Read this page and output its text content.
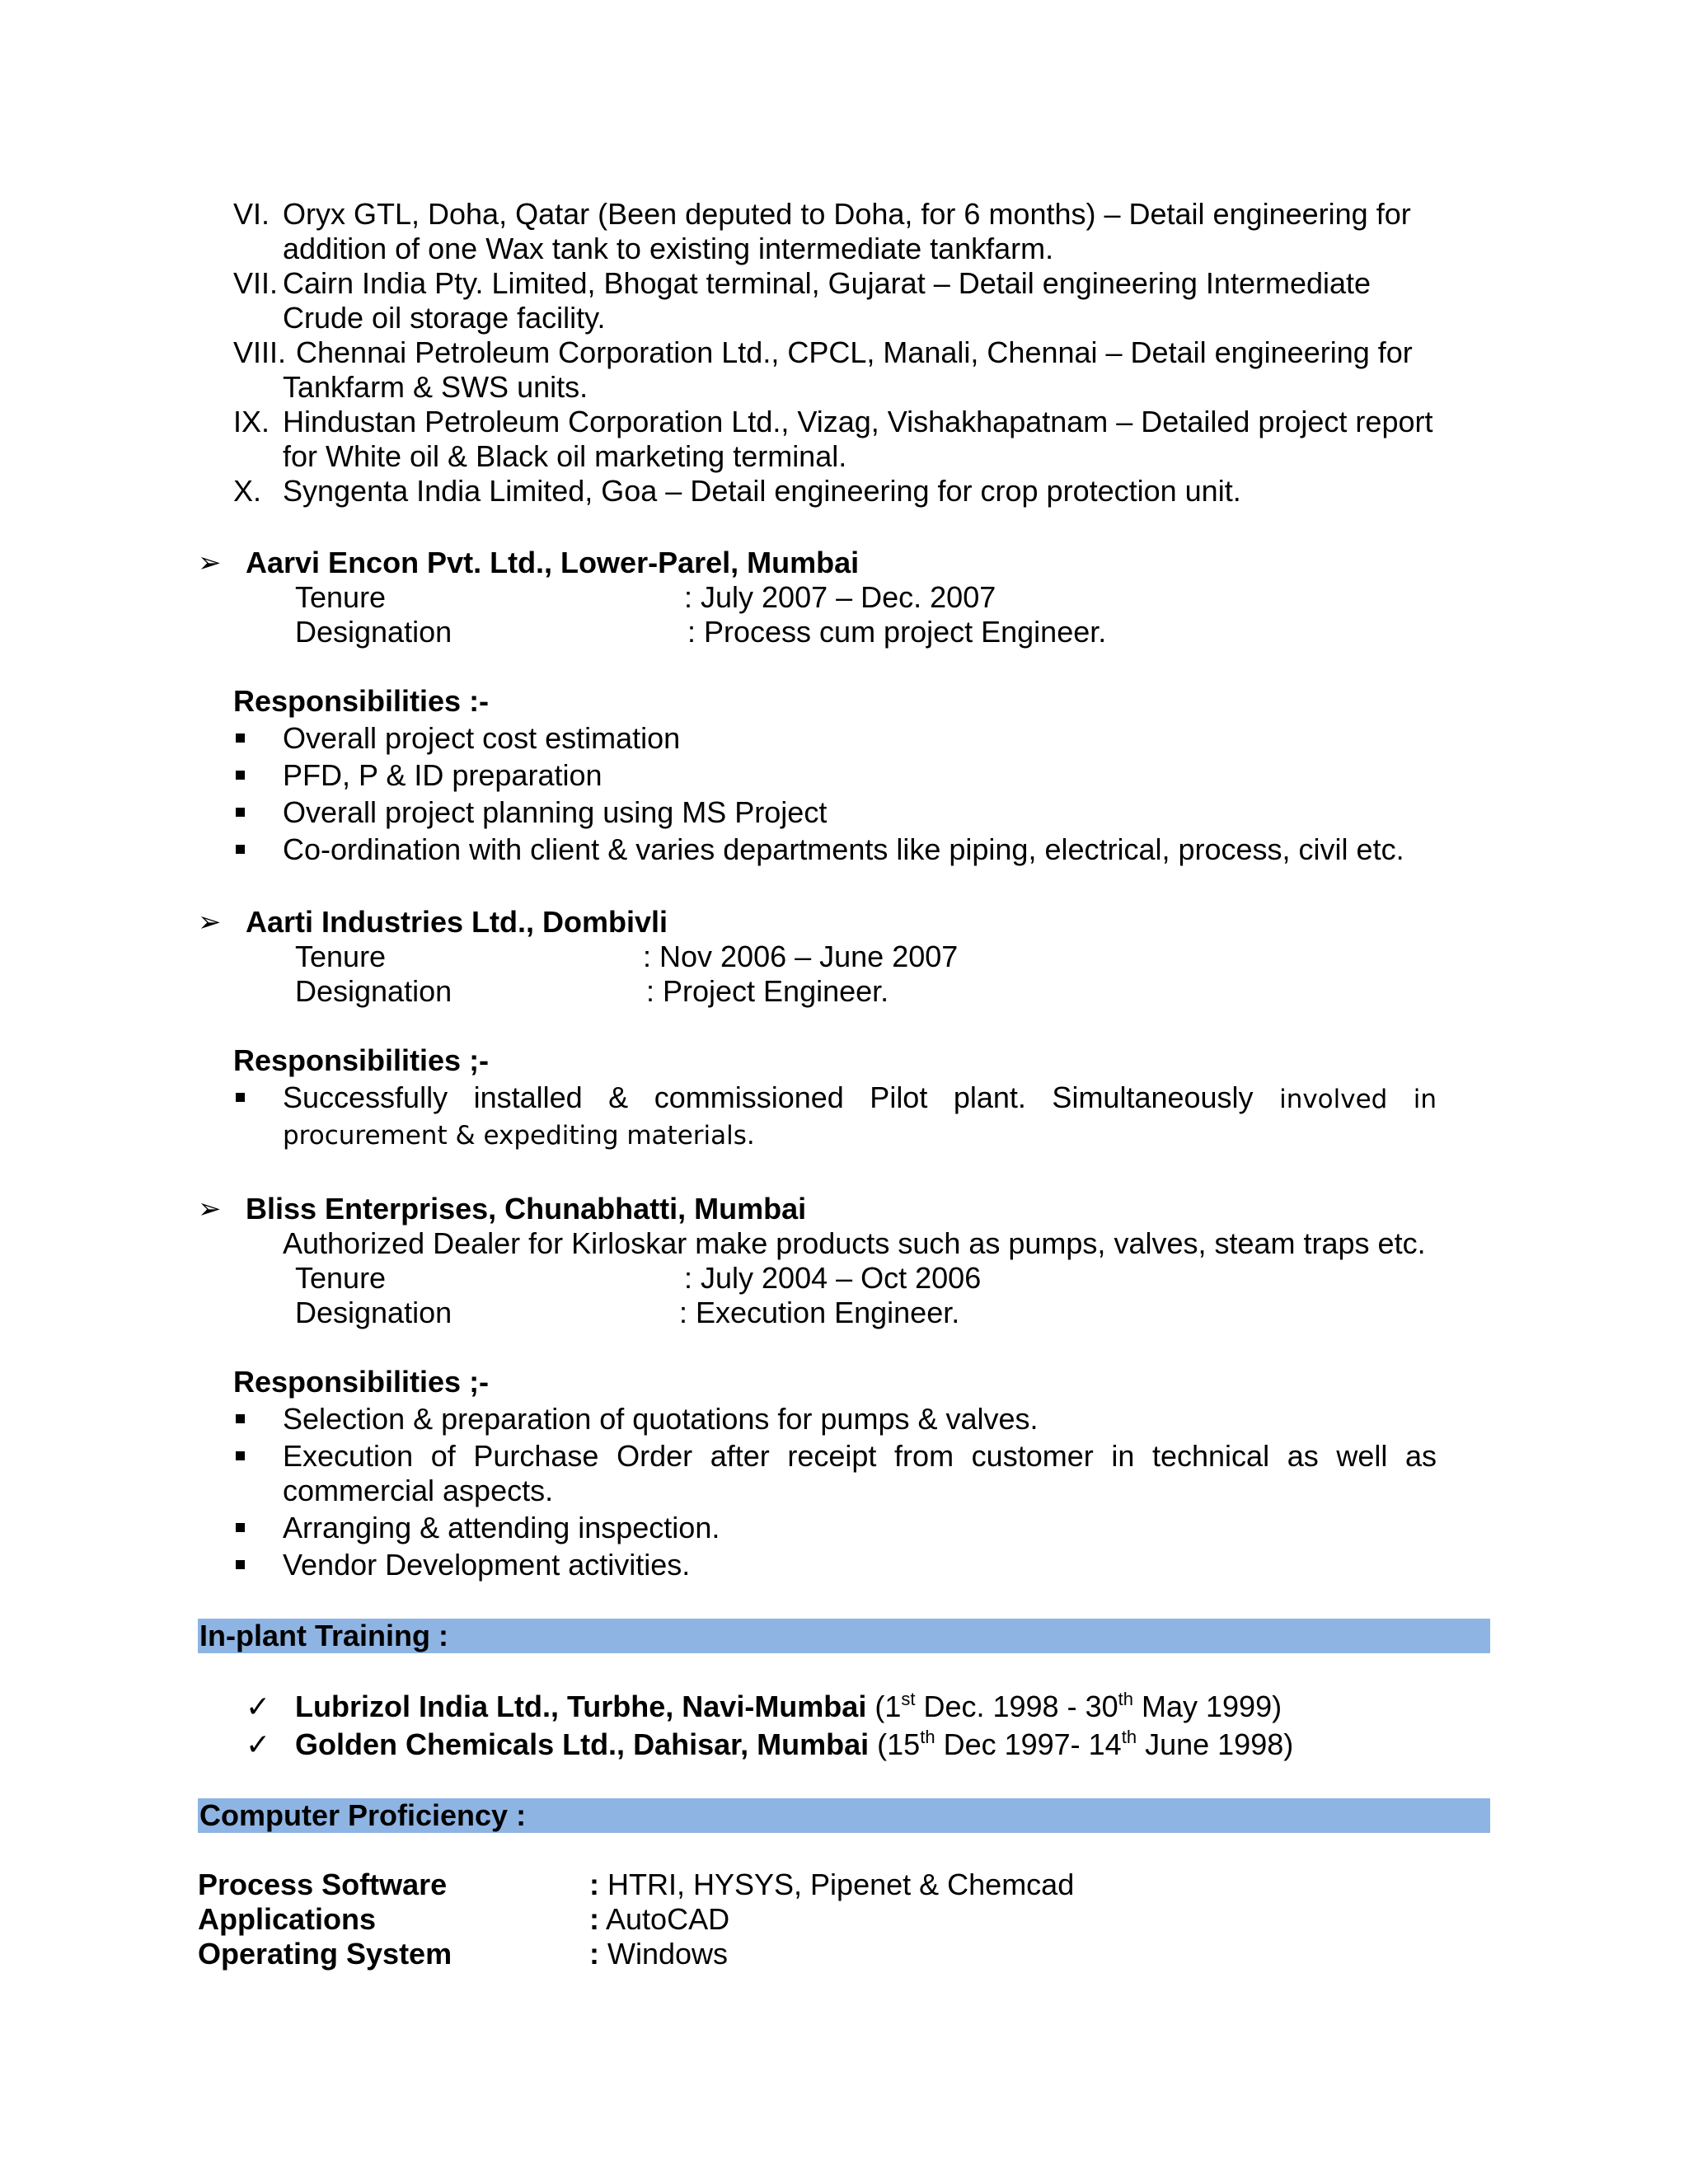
VI. Oryx GTL, Doha, Qatar (Been deputed to Doha, for 6 months) – Detail engineering for
addition of one Wax tank to existing intermediate tankfarm.
VII. Cairn India Pty. Limited, Bhogat terminal, Gujarat – Detail engineering Intermediate
Crude oil storage facility.
VIII. Chennai Petroleum Corporation Ltd., CPCL, Manali, Chennai – Detail engineering for
Tankfarm & SWS units.
IX. Hindustan Petroleum Corporation Ltd., Vizag, Vishakhapatnam – Detailed project report
for White oil & Black oil marketing terminal.
X. Syngenta India Limited, Goa – Detail engineering for crop protection unit.
➢ Aarvi Encon Pvt. Ltd., Lower-Parel, Mumbai
Tenure	: July 2007 – Dec. 2007
Designation	: Process cum project Engineer.
Responsibilities :-
Overall project cost estimation
PFD, P & ID preparation
Overall project planning using MS Project
Co-ordination with client & varies departments like piping, electrical, process, civil etc.
➢ Aarti Industries Ltd., Dombivli
Tenure	: Nov 2006 – June 2007
Designation	: Project Engineer.
Responsibilities ;-
Successfully installed & commissioned Pilot plant. Simultaneously involved in
procurement & expediting materials.
➢ Bliss Enterprises, Chunabhatti, Mumbai
Authorized Dealer for Kirloskar make products such as pumps, valves, steam traps etc.
Tenure	: July 2004 – Oct 2006
Designation	: Execution Engineer.
Responsibilities ;-
Selection & preparation of quotations for pumps & valves.
Execution of Purchase Order after receipt from customer in technical as well as
commercial aspects.
Arranging & attending inspection.
Vendor Development activities.
In-plant Training :
✓ Lubrizol India Ltd., Turbhe, Navi-Mumbai (1st Dec. 1998 - 30th May 1999)
✓ Golden Chemicals Ltd., Dahisar, Mumbai (15th Dec 1997- 14th June 1998)
Computer Proficiency :
Process Software	: HTRI, HYSYS, Pipenet & Chemcad
Applications	: AutoCAD
Operating System	: Windows
